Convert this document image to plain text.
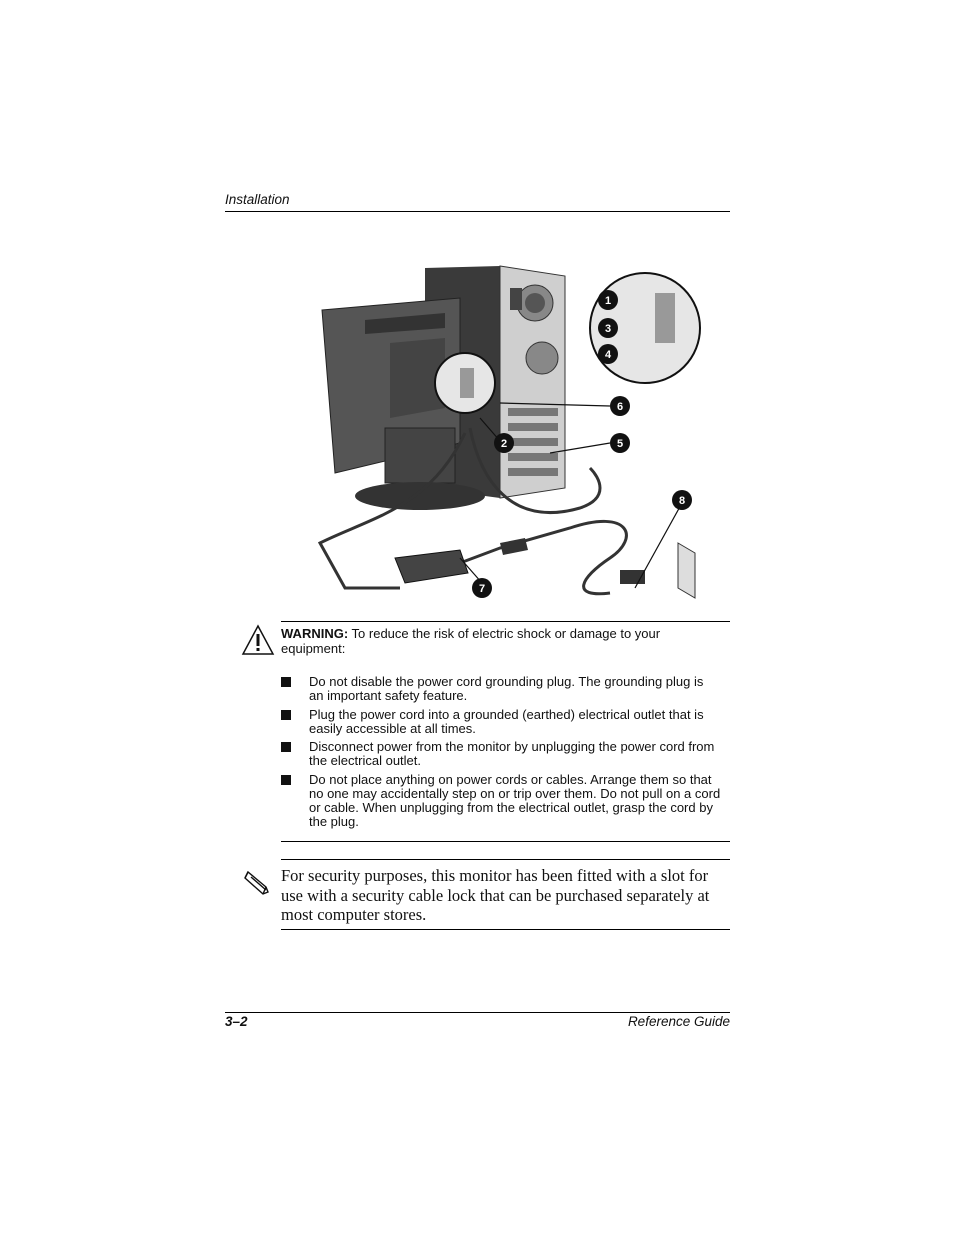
Installation
1
2
3
4
5
6
7
8
WARNING: To reduce the risk of electric shock or damage to your equipment:
Do not disable the power cord grounding plug. The grounding plug is an important safety feature.
Plug the power cord into a grounded (earthed) electrical outlet that is easily accessible at all times.
Disconnect power from the monitor by unplugging the power cord from the electrical outlet.
Do not place anything on power cords or cables. Arrange them so that no one may accidentally step on or trip over them. Do not pull on a cord or cable. When unplugging from the electrical outlet, grasp the cord by the plug.
For security purposes, this monitor has been fitted with a slot for use with a security cable lock that can be purchased separately at most computer stores.
3–2	Reference Guide
